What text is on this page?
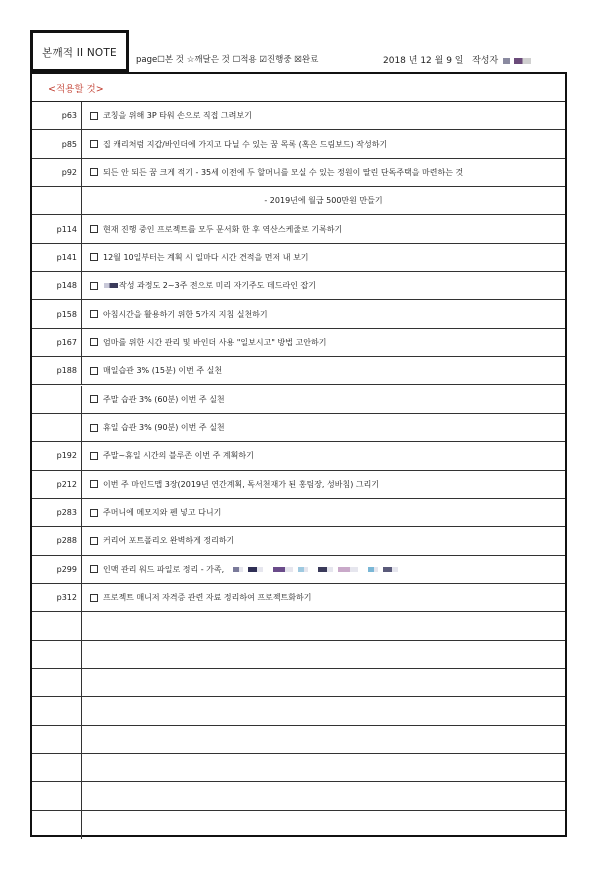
본깨적 II NOTE
page☐본 것 ☆깨달은 것 ☐적용 ☑진행중 ☒완료	2018 년 12 월 9 일 작성자
<적용할 것>
p63	코칭을 위해 3P 타워 손으로 직접 그려보기
p85	집 캐리처럼 지갑/바인더에 가지고 다닐 수 있는 꿈 목록 (혹은 드림보드) 작성하기
p92	되든 안 되든 꿈 크게 적기 - 35세 이전에 두 할머니를 모실 수 있는 정원이 딸린 단독주택을 마련하는 것
- 2019년에 월급 500만원 만들기
p114	현재 진행 중인 프로젝트를 모두 문서화 한 후 역산스케줄로 기록하기
p141	12월 10일부터는 계획 시 일마다 시간 견적을 먼저 내 보기
p148	작성 과정도 2~3주 전으로 미리 자기주도 데드라인 잡기
p158	아침시간을 활용하기 위한 5가지 지침 실천하기
p167	엄마를 위한 시간 관리 및 바인더 사용 "일보시고" 방법 고안하기
p188	매일습관 3% (15분) 이번 주 실천
주말 습관 3% (60분) 이번 주 실천
휴일 습관 3% (90분) 이번 주 실천
p192	주말~휴일 시간의 블루존 이번 주 계획하기
p212	이번 주 마인드맵 3장(2019년 연간계획, 독서천재가 된 홍팀장, 성바침) 그리기
p283	주머니에 메모지와 펜 넣고 다니기
p288	커리어 포트폴리오 완벽하게 정리하기
p299	인맥 관리 워드 파일로 정리 - 가족,
p312	프로젝트 매니저 자격증 관련 자료 정리하여 프로젝트화하기
